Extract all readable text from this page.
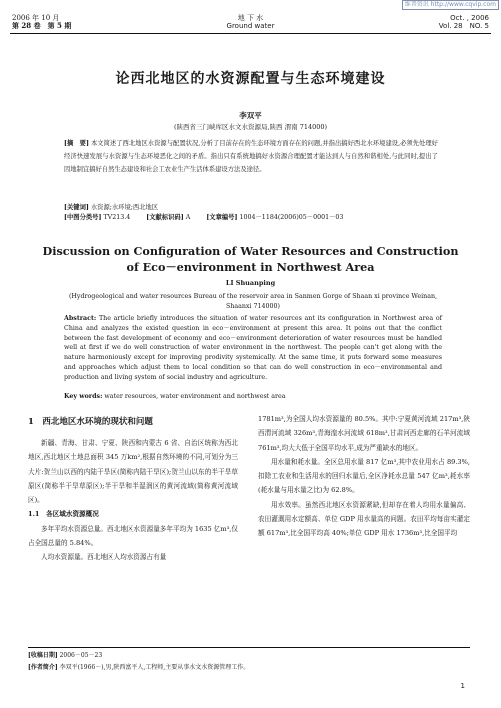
维普资讯 http://www.cqvip.com
2006 年 10 月
第 28 卷　第 5 期
地 下 水
Ground water
Oct. , 2006
Vol. 28　NO. 5
论西北地区的水资源配置与生态环境建设
李双平
(陕西省三门峡库区水文水资源局,陕西 渭南 714000)
[摘　要] 本文简述了西北地区水资源与配置状况,分析了目前存在的生态环境方面存在的问题,并指出搞好西北水环境建设,必须先处理好经济快速发展与水资源与生态环境恶化之间的矛盾。指出只有系统地搞好水资源合理配置才能达到人与自然和谐相处,与此同时,提出了因地制宜搞好自然生态建设和社会工农业生产生活体系建设方法及途径。
[关键词] 水资源;水环境;西北地区
[中图分类号] TV213.4	[文献标识码] A	[文章编号] 1004－1184(2006)05－0001－03
Discussion on Configuration of Water Resources and Construction
of Eco－environment in Northwest Area
LI Shuanping
(Hydrogeological and water resources Bureau of the reservoir area in Sanmen Gorge of Shaan xi province Weinan, Shaanxi 714000)
Abstract: The article briefly introduces the situation of water resources ant its configuration in Northwest area of China and analyzes the existed question in eco－environment at present this area. It poins out that the conflict between the fast development of economy and eco－environment deterioration of water resources must be handled well at first if we do well construction of water environment in the northwest. The people can't get along with the nature harmoniously except for improving prodivity systemically. At the same time, it puts forward some measures and approaches which adjust them to local condition so that can do well construction in eco－environmental and production and living system of social industry and agriculture.
Key words: water resources, water environment and northwest area
1　西北地区水环境的现状和问题

新疆、青海、甘肃、宁夏、陕西和内蒙古 6 省、自治区统称为西北地区,西北地区土地总面积 345 万km²,根据自然环境的不同,可划分为三大片:贺兰山以西的内陆干旱区(简称内陆干旱区);贺兰山以东的半干旱草原区(简称半干旱草原区);半干旱和半湿润区的黄河流域(简称黄河流域区)。

1.1　各区域水资源概况

多年平均水资源总量。西北地区水资源量多年平均为 1635 亿m³,仅占全国总量的 5.84%。

人均水资源量。西北地区人均水资源占有量

1781m³,为全国人均水资源量的 80.5%。其中:宁夏黄河流域 217m³,陕西渭河流域 326m³,青海湟水河流域 618m³,甘肃河西走廊的石羊河流域 761m³,均大大低于全国平均水平,成为严重缺水的地区。

用水量和耗水量。全区总用水量 817 亿m³,其中农业用水占 89.3%,扣除工农业和生活用水的回归水量后,全区净耗水总量 547 亿m³,耗水率(耗水量与用水量之比)为 62.8%。

用水效率。虽然西北地区水资源紧缺,但却存在着人均用水量偏高、农田灌溉用水定额高、单位 GDP 用水量高的问题。农田平均每亩实灌定额 617m³,比全国平均高 40%;单位 GDP 用水 1736m³,比全国平均

[收稿日期] 2006－05－23
[作者简介] 李双平(1966－),男,陕西富平人,工程师,主要从事水文水资源管理工作。
1
